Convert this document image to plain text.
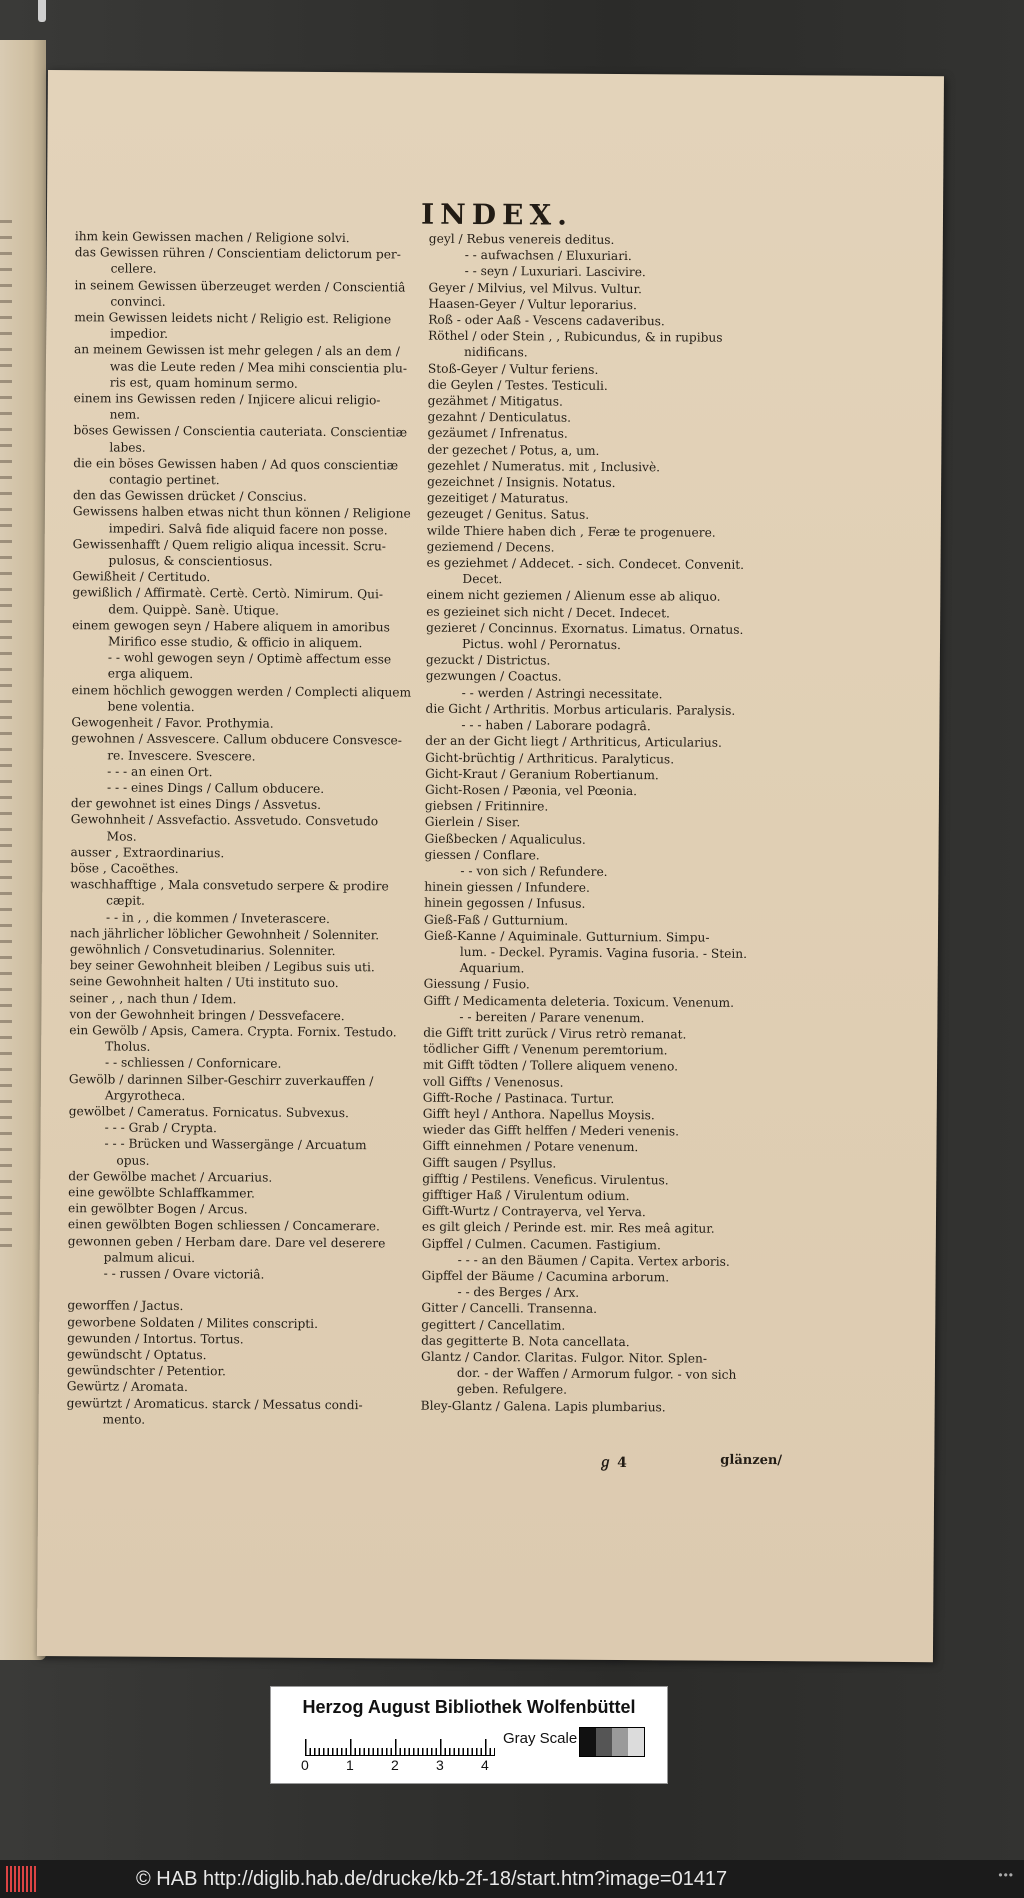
INDEX.

ihm kein Gewissen machen / Religione solvi.

das Gewissen rühren / Conscientiam delictorum per-

cellere.

in seinem Gewissen überzeuget werden / Conscientiâ

convinci.

mein Gewissen leidets nicht / Religio est. Religione

impedior.

an meinem Gewissen ist mehr gelegen / als an dem /

was die Leute reden / Mea mihi conscientia plu-

ris est, quam hominum sermo.

einem ins Gewissen reden / Injicere alicui religio-

nem.

böses Gewissen / Conscientia cauteriata. Conscientiæ

labes.

die ein böses Gewissen haben / Ad quos conscientiæ

contagio pertinet.

den das Gewissen drücket / Conscius.

Gewissens halben etwas nicht thun können / Religione

impediri. Salvâ fide aliquid facere non posse.

Gewissenhafft / Quem religio aliqua incessit. Scru-

pulosus, & conscientiosus.

Gewißheit / Certitudo.

gewißlich / Affirmatè. Certè. Certò. Nimirum. Qui-

dem. Quippè. Sanè. Utique.

einem gewogen seyn / Habere aliquem in amoribus

Mirifico esse studio, & officio in aliquem.

- - wohl gewogen seyn / Optimè affectum esse

erga aliquem.

einem höchlich gewoggen werden / Complecti aliquem

bene volentia.

Gewogenheit / Favor. Prothymia.

gewohnen / Assvescere. Callum obducere Consvesce-

re. Invescere. Svescere.

- - - an einen Ort.

- - - eines Dings / Callum obducere.

der gewohnet ist eines Dings / Assvetus.

Gewohnheit / Assvefactio. Assvetudo. Consvetudo

Mos.

ausser , Extraordinarius.

böse , Cacoëthes.

waschhafftige , Mala consvetudo serpere & prodire

cæpit.

- - in , , die kommen / Inveterascere.

nach jährlicher löblicher Gewohnheit / Solenniter.

gewöhnlich / Consvetudinarius. Solenniter.

bey seiner Gewohnheit bleiben / Legibus suis uti.

seine Gewohnheit halten / Uti instituto suo.

seiner , , nach thun / Idem.

von der Gewohnheit bringen / Dessvefacere.

ein Gewölb / Apsis, Camera. Crypta. Fornix. Testudo.

Tholus.

- - schliessen / Confornicare.

Gewölb / darinnen Silber-Geschirr zuverkauffen /

Argyrotheca.

gewölbet / Cameratus. Fornicatus. Subvexus.

- - - Grab / Crypta.

- - - Brücken und Wassergänge / Arcuatum

opus.

der Gewölbe machet / Arcuarius.

eine gewölbte Schlaffkammer.

ein gewölbter Bogen / Arcus.

einen gewölbten Bogen schliessen / Concamerare.

gewonnen geben / Herbam dare. Dare vel deserere

palmum alicui.

- - russen / Ovare victoriâ.

geworffen / Jactus.

geworbene Soldaten / Milites conscripti.

gewunden / Intortus. Tortus.

gewündscht / Optatus.

gewündschter / Petentior.

Gewürtz / Aromata.

gewürtzt / Aromaticus. starck / Messatus condi-

mento.

geyl / Rebus venereis deditus.

- - aufwachsen / Eluxuriari.

- - seyn / Luxuriari. Lascivire.

Geyer / Milvius, vel Milvus. Vultur.

Haasen-Geyer / Vultur leporarius.

Roß - oder Aaß - Vescens cadaveribus.

Röthel / oder Stein , , Rubicundus, & in rupibus

nidificans.

Stoß-Geyer / Vultur feriens.

die Geylen / Testes. Testiculi.

gezähmet / Mitigatus.

gezahnt / Denticulatus.

gezäumet / Infrenatus.

der gezechet / Potus, a, um.

gezehlet / Numeratus. mit , Inclusivè.

gezeichnet / Insignis. Notatus.

gezeitiget / Maturatus.

gezeuget / Genitus. Satus.

wilde Thiere haben dich , Feræ te progenuere.

geziemend / Decens.

es geziehmet / Addecet. - sich. Condecet. Convenit.

Decet.

einem nicht geziemen / Alienum esse ab aliquo.

es gezieinet sich nicht / Decet. Indecet.

gezieret / Concinnus. Exornatus. Limatus. Ornatus.

Pictus. wohl / Perornatus.

gezuckt / Districtus.

gezwungen / Coactus.

- - werden / Astringi necessitate.

die Gicht / Arthritis. Morbus articularis. Paralysis.

- - - haben / Laborare podagrâ.

der an der Gicht liegt / Arthriticus, Articularius.

Gicht-brüchtig / Arthriticus. Paralyticus.

Gicht-Kraut / Geranium Robertianum.

Gicht-Rosen / Pæonia, vel Pœonia.

giebsen / Fritinnire.

Gierlein / Siser.

Gießbecken / Aqualiculus.

giessen / Conflare.

- - von sich / Refundere.

hinein giessen / Infundere.

hinein gegossen / Infusus.

Gieß-Faß / Gutturnium.

Gieß-Kanne / Aquiminale. Gutturnium. Simpu-

lum. - Deckel. Pyramis. Vagina fusoria. - Stein.

Aquarium.

Giessung / Fusio.

Gifft / Medicamenta deleteria. Toxicum. Venenum.

- - bereiten / Parare venenum.

die Gifft tritt zurück / Virus retrò remanat.

tödlicher Gifft / Venenum peremtorium.

mit Gifft tödten / Tollere aliquem veneno.

voll Giffts / Venenosus.

Gifft-Roche / Pastinaca. Turtur.

Gifft heyl / Anthora. Napellus Moysis.

wieder das Gifft helffen / Mederi venenis.

Gifft einnehmen / Potare venenum.

Gifft saugen / Psyllus.

gifftig / Pestilens. Veneficus. Virulentus.

gifftiger Haß / Virulentum odium.

Gifft-Wurtz / Contrayerva, vel Yerva.

es gilt gleich / Perinde est. mir. Res meâ agitur.

Gipffel / Culmen. Cacumen. Fastigium.

- - - an den Bäumen / Capita. Vertex arboris.

Gipffel der Bäume / Cacumina arborum.

- - des Berges / Arx.

Gitter / Cancelli. Transenna.

gegittert / Cancellatim.

das gegitterte B. Nota cancellata.

Glantz / Candor. Claritas. Fulgor. Nitor. Splen-

dor. - der Waffen / Armorum fulgor. - von sich

geben. Refulgere.

Bley-Glantz / Galena. Lapis plumbarius.

ℊ 4	glänzen/
Herzog August Bibliothek Wolfenbüttel
0	1	2	3	4
Gray Scale
© HAB http://diglib.hab.de/drucke/kb-2f-18/start.htm?image=01417	•••
